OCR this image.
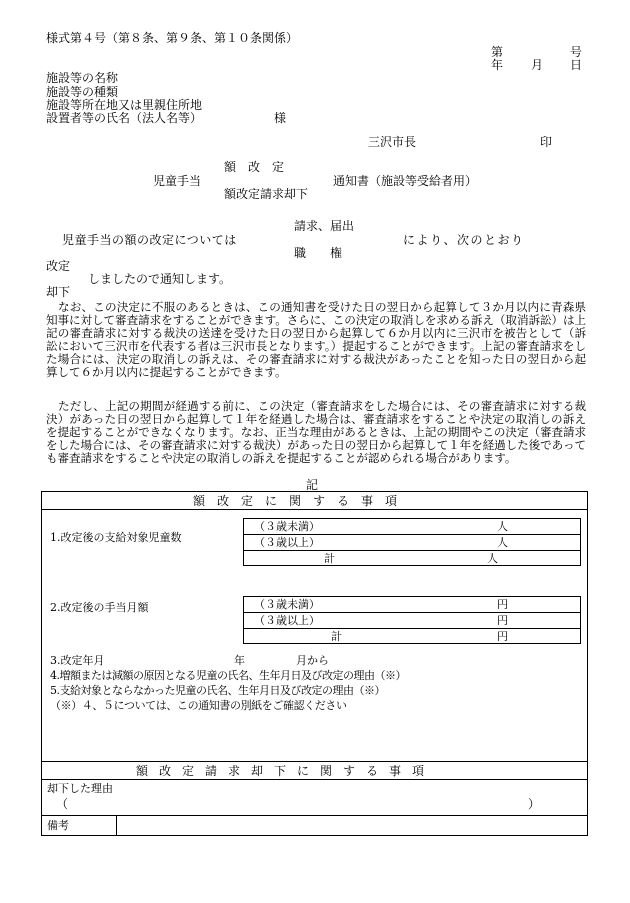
様式第４号（第８条、第９条、第１０条関係）
第	号
年 月 日
施設等の名称
施設等の種類
施設等所在地又は里親住所地
設置者等の氏名（法人名等）	様
三沢市長	印
額　改　定
児童手当	通知書（施設等受給者用）
額改定請求却下
請求、届出
児童手当の額の改定については	により、次のとおり
職　　権
改定
しましたので通知します。
却下
なお、この決定に不服のあるときは、この通知書を受けた日の翌日から起算して３か月以内に青森県知事に対して審査請求をすることができます。さらに、この決定の取消しを求める訴え（取消訴訟）は上記の審査請求に対する裁決の送達を受けた日の翌日から起算して６か月以内に三沢市を被告として（訴訟において三沢市を代表する者は三沢市長となります。）提起することができます。上記の審査請求をした場合には、決定の取消しの訴えは、その審査請求に対する裁決があったことを知った日の翌日から起算して６か月以内に提起することができます。
ただし、上記の期間が経過する前に、この決定（審査請求をした場合には、その審査請求に対する裁決）があった日の翌日から起算して１年を経過した場合は、審査請求をすることや決定の取消しの訴えを提起することができなくなります。なお、正当な理由があるときは、上記の期間やこの決定（審査請求をした場合には、その審査請求に対する裁決）があった日の翌日から起算して１年を経過した後であっても審査請求をすることや決定の取消しの訴えを提起することが認められる場合があります。
記
額改定に関する事項
1.改定後の支給対象児童数
（３歳未満）	人
（３歳以上）	人
計	人
2.改定後の手当月額	（３歳未満）	円
（３歳以上）	円
計	円
3.改定年月	年	月から
4.増額または減額の原因となる児童の氏名、生年月日及び改定の理由（※）
5.支給対象とならなかった児童の氏名、生年月日及び改定の理由（※）
（※）４、５については、この通知書の別紙をご確認ください
額改定請求却下に関する事項
却下した理由
（	）
備考
